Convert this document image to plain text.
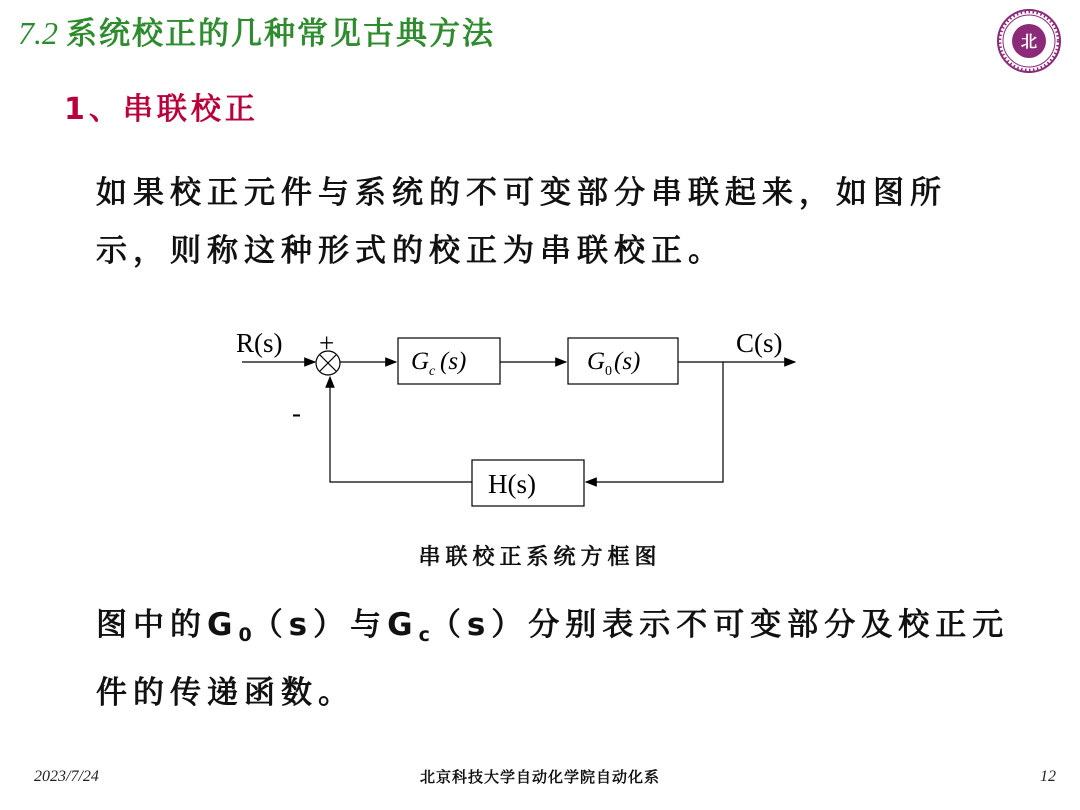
7.2 系统校正的几种常见古典方法	北
1、串联校正
如果校正元件与系统的不可变部分串联起来，如图所示，则称这种形式的校正为串联校正。
R(s) +
-
G c (s)	G 0 (s)
C(s)
H(s)
串联校正系统方框图
图中的$G_0(s)$与$G_c(s)$分别表示不可变部分及校正元件的传递函数。
2023/7/24	北京科技大学自动化学院自动化系	12
